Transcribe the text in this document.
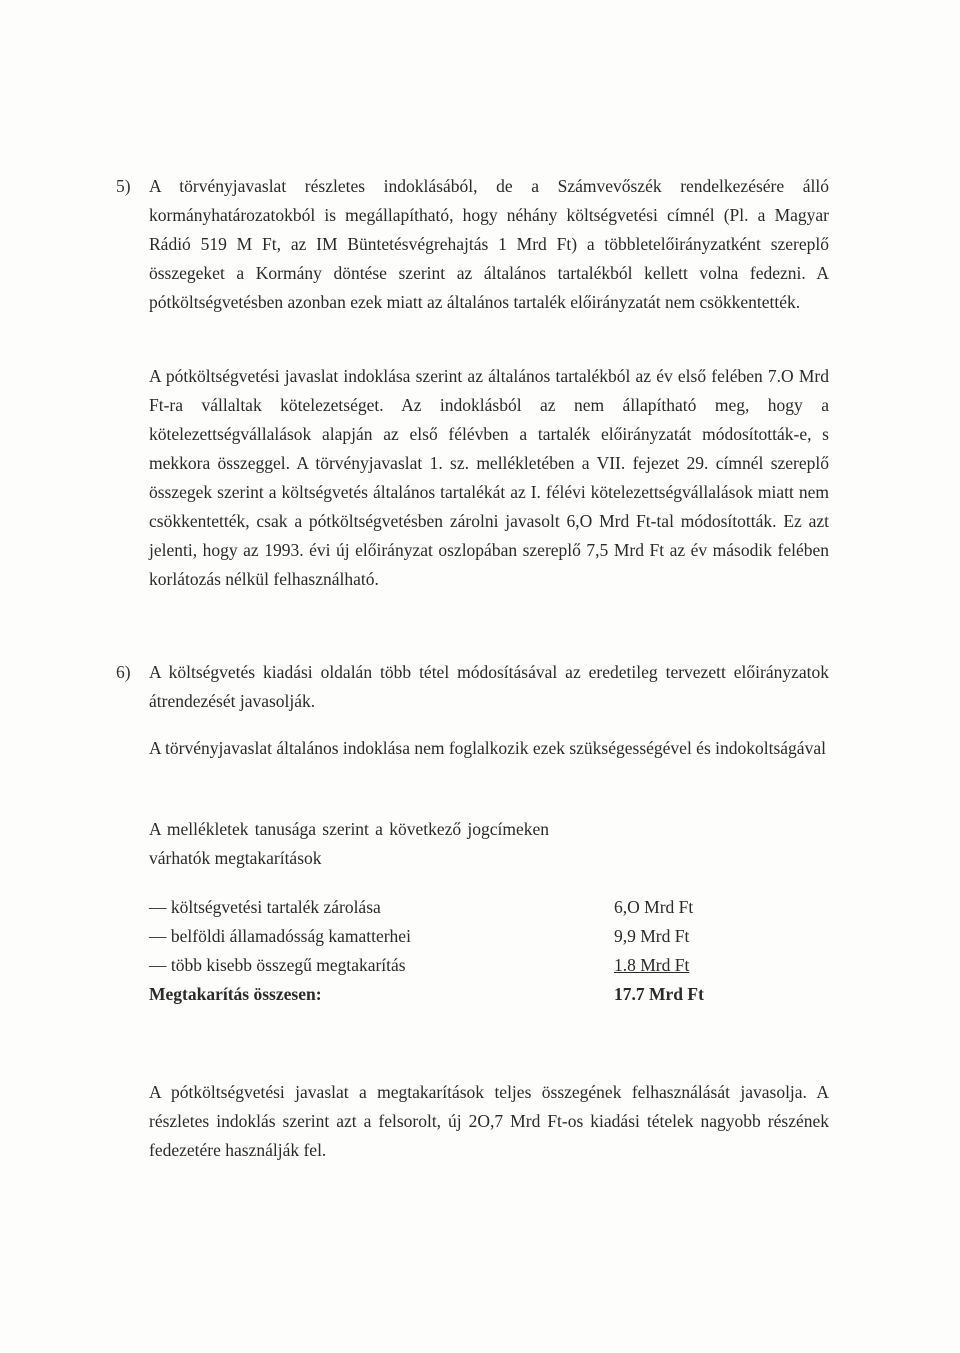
5) A törvényjavaslat részletes indoklásából, de a Számvevőszék rendelkezésére álló kormányhatározatokból is megállapítható, hogy néhány költségvetési címnél (Pl. a Magyar Rádió 519 M Ft, az IM Büntetésvégrehajtás 1 Mrd Ft) a többletelőirányzatként szereplő összegeket a Kormány döntése szerint az általános tartalékból kellett volna fedezni. A pótköltségvetésben azonban ezek miatt az általános tartalék előirányzatát nem csökkentették.

A pótköltségvetési javaslat indoklása szerint az általános tartalékból az év első felében 7.O Mrd Ft-ra vállaltak kötelezetséget. Az indoklásból az nem állapítható meg, hogy a kötelezettségvállalások alapján az első félévben a tartalék előirányzatát módosították-e, s mekkora összeggel. A törvényjavaslat 1. sz. mellékletében a VII. fejezet 29. címnél szereplő összegek szerint a költségvetés általános tartalékát az I. félévi kötelezettségvállalások miatt nem csökkentették, csak a pótköltségvetésben zárolni javasolt 6,O Mrd Ft-tal módosították. Ez azt jelenti, hogy az 1993. évi új előirányzat oszlopában szereplő 7,5 Mrd Ft az év második felében korlátozás nélkül felhasználható.

6) A költségvetés kiadási oldalán több tétel módosításával az eredetileg tervezett előirányzatok átrendezését javasolják.

A törvényjavaslat általános indoklása nem foglalkozik ezek szükségességével és indokoltságával

A mellékletek tanusága szerint a következő jogcímeken várhatók megtakarítások

— költségvetési tartalék zárolása	6,O Mrd Ft
— belföldi államadósság kamatterhei	9,9 Mrd Ft
— több kisebb összegű megtakarítás	1.8 Mrd Ft
Megtakarítás összesen:	17.7 Mrd Ft

A pótköltségvetési javaslat a megtakarítások teljes összegének felhasználását javasolja. A részletes indoklás szerint azt a felsorolt, új 2O,7 Mrd Ft-os kiadási tételek nagyobb részének fedezetére használják fel.
